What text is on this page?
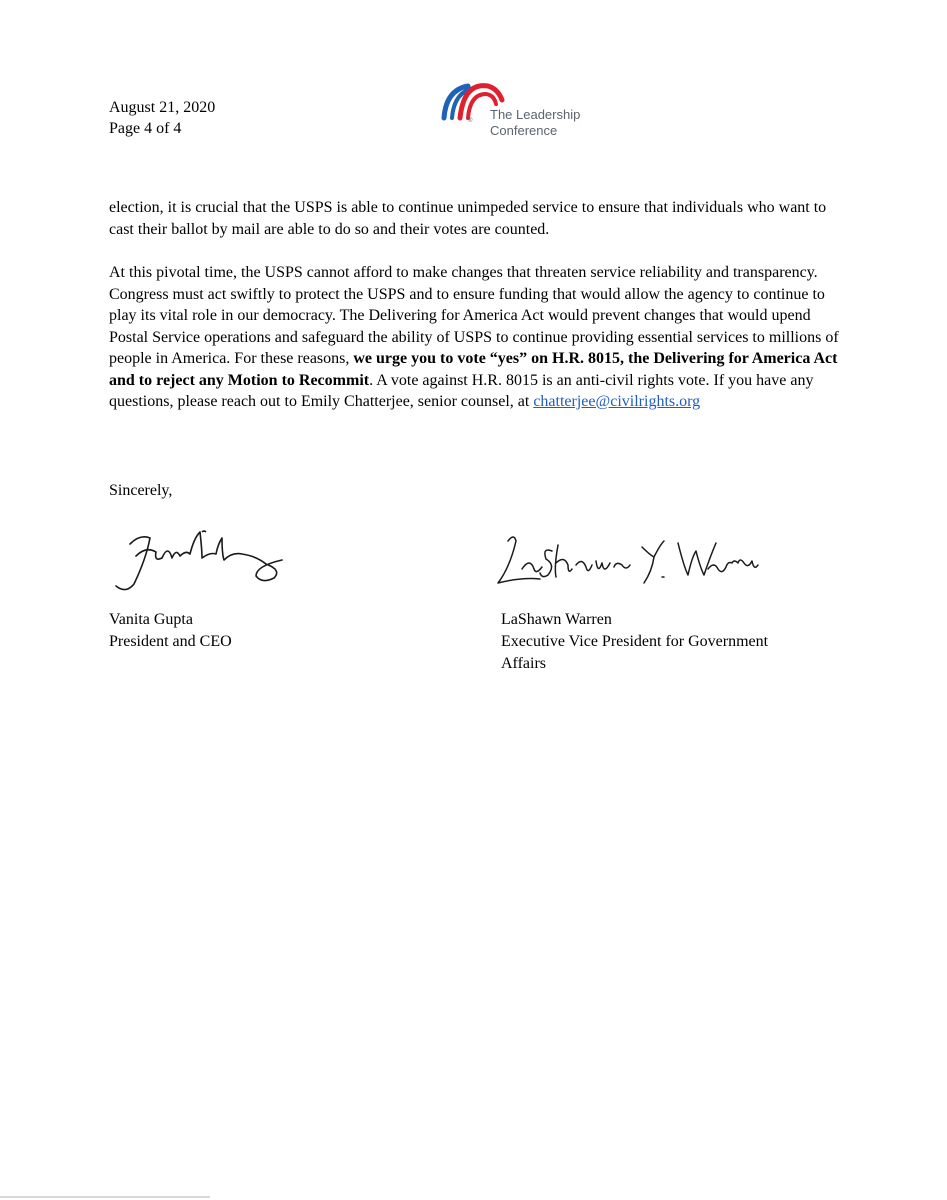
August 21, 2020
Page 4 of 4	® The Leadership
Conference

election, it is crucial that the USPS is able to continue unimpeded service to ensure that individuals who want to cast their ballot by mail are able to do so and their votes are counted.

At this pivotal time, the USPS cannot afford to make changes that threaten service reliability and transparency. Congress must act swiftly to protect the USPS and to ensure funding that would allow the agency to continue to play its vital role in our democracy. The Delivering for America Act would prevent changes that would upend Postal Service operations and safeguard the ability of USPS to continue providing essential services to millions of people in America. For these reasons, we urge you to vote “yes” on H.R. 8015, the Delivering for America Act and to reject any Motion to Recommit. A vote against H.R. 8015 is an anti-civil rights vote. If you have any questions, please reach out to Emily Chatterjee, senior counsel, at chatterjee@civilrights.org

Sincerely,

Vanita Gupta
President and CEO
LaShawn Warren
Executive Vice President for Government
Affairs
